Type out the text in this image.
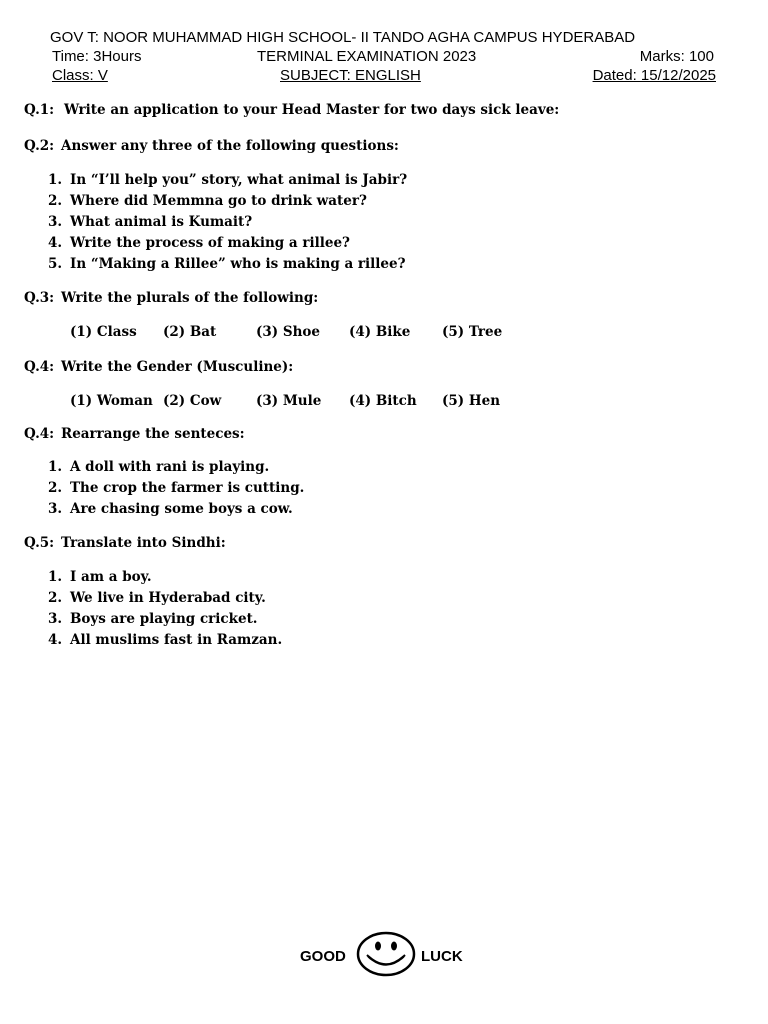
GOV T: NOOR MUHAMMAD HIGH SCHOOL- II TANDO AGHA CAMPUS HYDERABAD
Time: 3Hours	TERMINAL EXAMINATION 2023	Marks: 100
Class: V	SUBJECT: ENGLISH	Dated: 15/12/2025
Q.1: Write an application to your Head Master for two days sick leave:
Q.2: Answer any three of the following questions:
1. In “I’ll help you” story, what animal is Jabir?
2. Where did Memmna go to drink water?
3. What animal is Kumait?
4. Write the process of making a rillee?
5. In “Making a Rillee” who is making a rillee?
Q.3: Write the plurals of the following:
(1) Class (2) Bat	(3) Shoe (4) Bike (5) Tree
Q.4: Write the Gender (Musculine):
(1) Woman (2) Cow	(3) Mule (4) Bitch (5) Hen
Q.4: Rearrange the senteces:
1. A doll with rani is playing.
2. The crop the farmer is cutting.
3. Are chasing some boys a cow.
Q.5: Translate into Sindhi:
1. I am a boy.
2. We live in Hyderabad city.
3. Boys are playing cricket.
4. All muslims fast in Ramzan.
GOOD	LUCK
